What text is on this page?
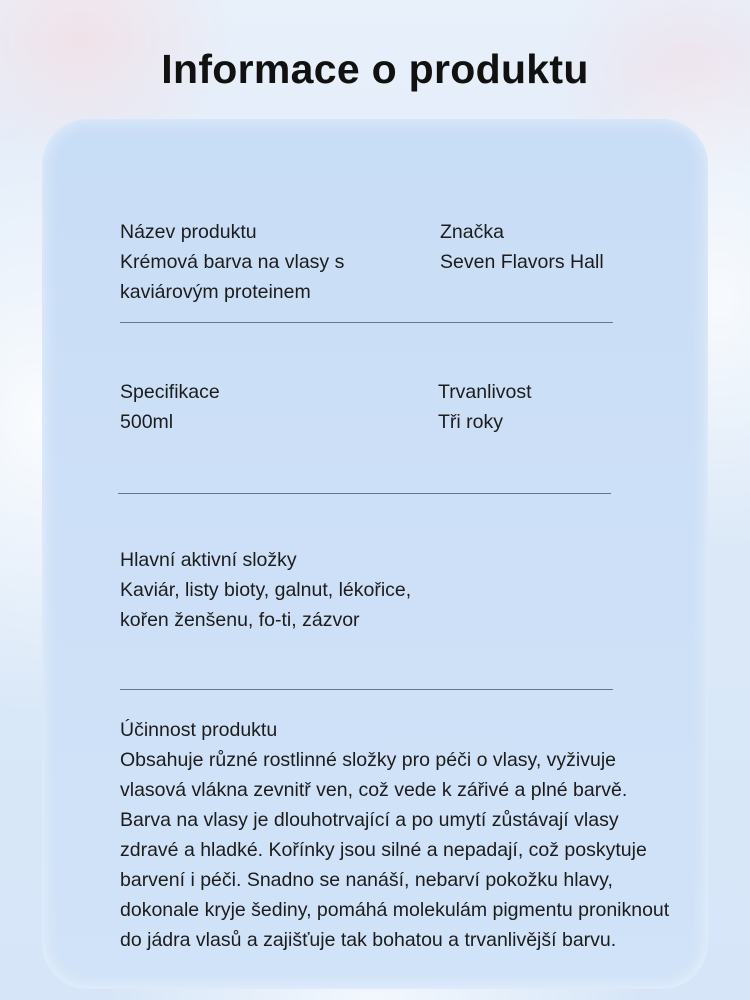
Informace o produktu
Název produktu
Krémová barva na vlasy s
kaviárovým proteinem
Značka
Seven Flavors Hall
Specifikace
500ml
Trvanlivost
Tři roky
Hlavní aktivní složky
Kaviár, listy bioty, galnut, lékořice,
kořen ženšenu, fo-ti, zázvor
Účinnost produktu
Obsahuje různé rostlinné složky pro péči o vlasy, vyživuje
vlasová vlákna zevnitř ven, což vede k zářivé a plné barvě.
Barva na vlasy je dlouhotrvající a po umytí zůstávají vlasy
zdravé a hladké. Kořínky jsou silné a nepadají, což poskytuje
barvení i péči. Snadno se nanáší, nebarví pokožku hlavy,
dokonale kryje šediny, pomáhá molekulám pigmentu proniknout
do jádra vlasů a zajišťuje tak bohatou a trvanlivější barvu.
